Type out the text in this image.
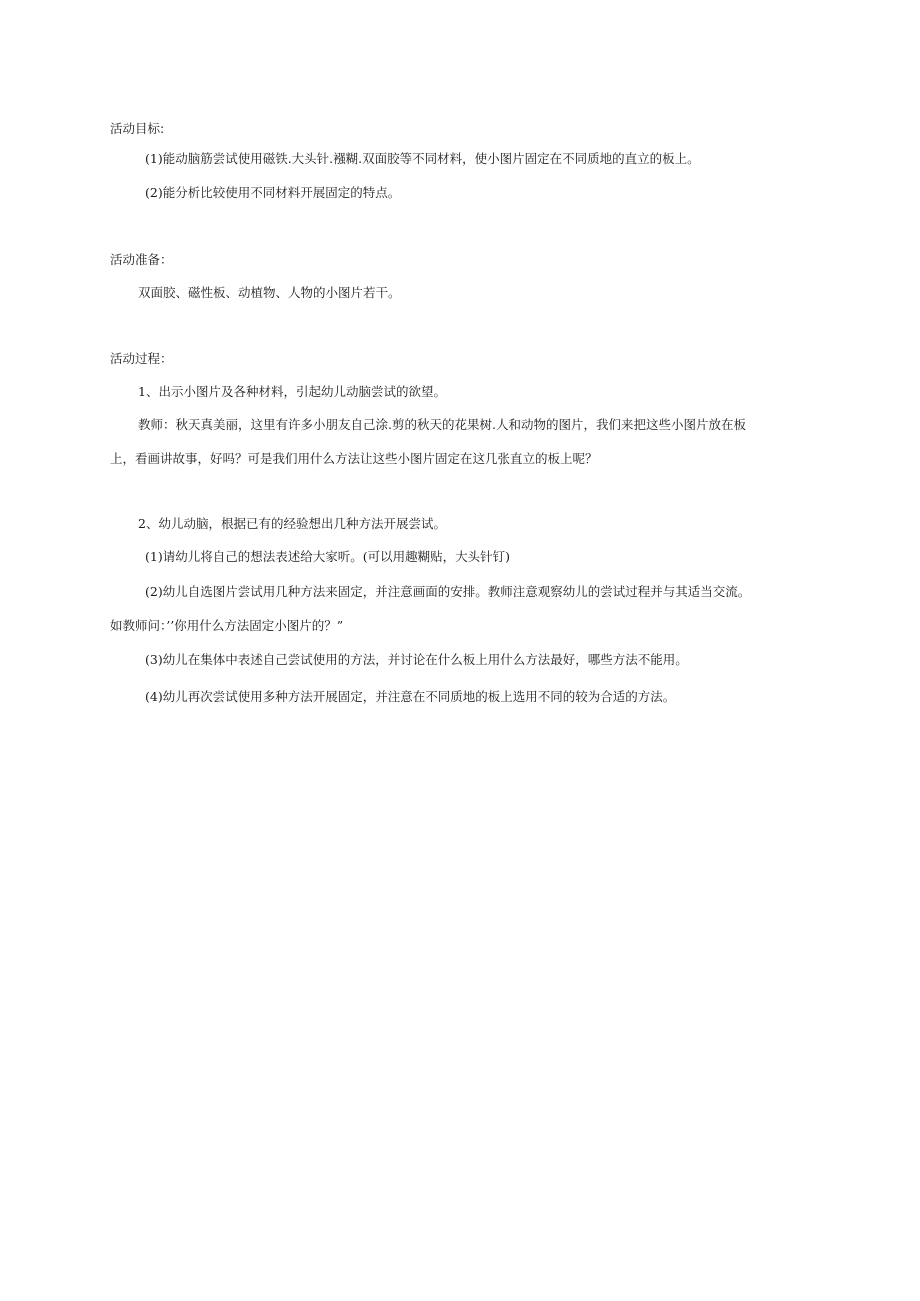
活动目标:
(1)能动脑筋尝试使用磁铁.大头针.襁糊.双面胶等不同材料，使小图片固定在不同质地的直立的板上。
(2)能分析比较使用不同材料开展固定的特点。
活动准备：
双面胶、磁性板、动植物、人物的小图片若干。
活动过程：
1、出示小图片及各种材料，引起幼儿动脑尝试的欲望。
教师：秋天真美丽，这里有许多小朋友自己涂.剪的秋天的花果树.人和动物的图片，我们来把这些小图片放在板
上，看画讲故事，好吗？可是我们用什么方法让这些小图片固定在这几张直立的板上呢？
2、幼儿动脑，根据已有的经验想出几种方法开展尝试。
(1)请幼儿将自己的想法表述给大家听。(可以用趣糊贴，大头针钉)
(2)幼儿自选图片尝试用几种方法来固定，并注意画面的安排。教师注意观察幼儿的尝试过程并与其适当交流。
如教师问：’’你用什么方法固定小图片的？”
(3)幼儿在集体中表述自己尝试使用的方法，并讨论在什么板上用什么方法最好，哪些方法不能用。
(4)幼儿再次尝试使用多种方法开展固定，并注意在不同质地的板上选用不同的较为合适的方法。
